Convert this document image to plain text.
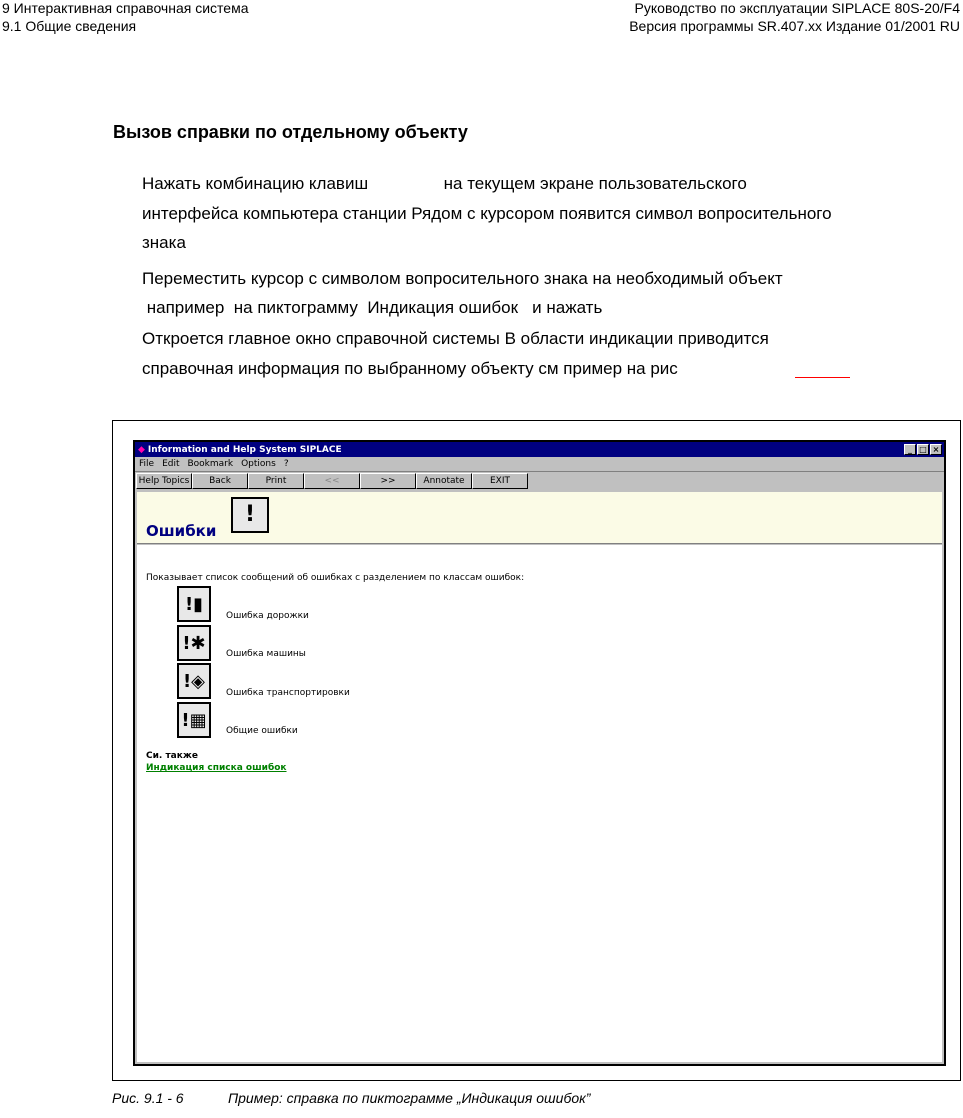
9 Интерактивная справочная система
9.1 Общие сведения
Руководство по эксплуатации SIPLACE 80S-20/F4
Версия программы SR.407.xx Издание 01/2001 RU
Вызов справки по отдельному объекту
Нажать комбинацию клавиш                на текущем экране пользовательского
интерфейса компьютера станции Рядом с курсором появится символ вопросительного
знака
Переместить курсор с символом вопросительного знака на необходимый объект
например  на пиктограмму  Индикация ошибок   и нажать
Откроется главное окно справочной системы В области индикации приводится
справочная информация по выбранному объекту см пример на рис
◆ Information and Help System SIPLACE	_ □ ×
File Edit Bookmark Options ?
Help Topics	Back	Print	<<	>>	Annotate	EXIT
Ошибки
!
Показывает список сообщений об ошибках с разделением по классам ошибок:
!▮
Ошибка дорожки
!✱
Ошибка машины
!◈
Ошибка транспортировки
!▦
Общие ошибки
Си. также
Индикация списка ошибок
Рис. 9.1 - 6	Пример: справка по пиктограмме „Индикация ошибок”
